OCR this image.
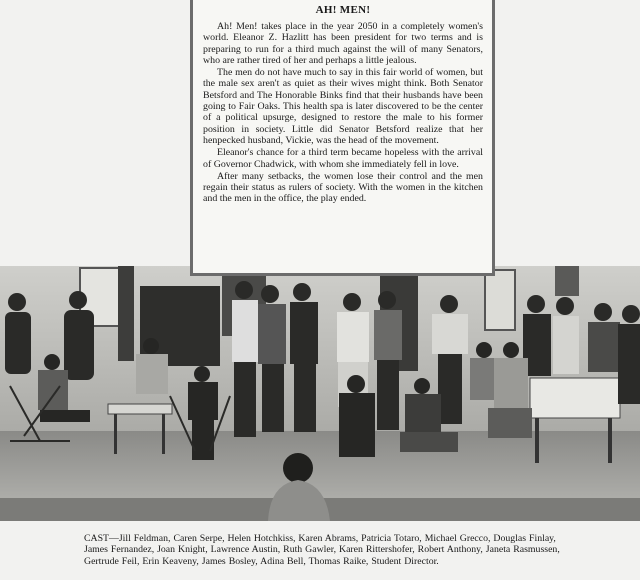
AH! MEN!

Ah! Men! takes place in the year 2050 in a completely women's world. Eleanor Z. Hazlitt has been president for two terms and is preparing to run for a third much against the will of many Senators, who are rather tired of her and perhaps a little jealous.

The men do not have much to say in this fair world of women, but the male sex aren't as quiet as their wives might think. Both Senator Betsford and The Honorable Binks find that their husbands have been going to Fair Oaks. This health spa is later discovered to be the center of a political upsurge, designed to restore the male to his former position in society. Little did Senator Betsford realize that her henpecked husband, Vickie, was the head of the movement.

Eleanor's chance for a third term became hopeless with the arrival of Governor Chadwick, with whom she immediately fell in love.

After many setbacks, the women lose their control and the men regain their status as rulers of society. With the women in the kitchen and the men in the office, the play ended.

CAST—Jill Feldman, Caren Serpe, Helen Hotchkiss, Karen Abrams, Patricia Totaro, Michael Grecco, Douglas Finlay, James Fernandez, Joan Knight, Lawrence Austin, Ruth Gawler, Karen Rittershofer, Robert Anthony, Janeta Rasmussen, Gertrude Feil, Erin Keaveny, James Bosley, Adina Bell, Thomas Raike, Student Director.
